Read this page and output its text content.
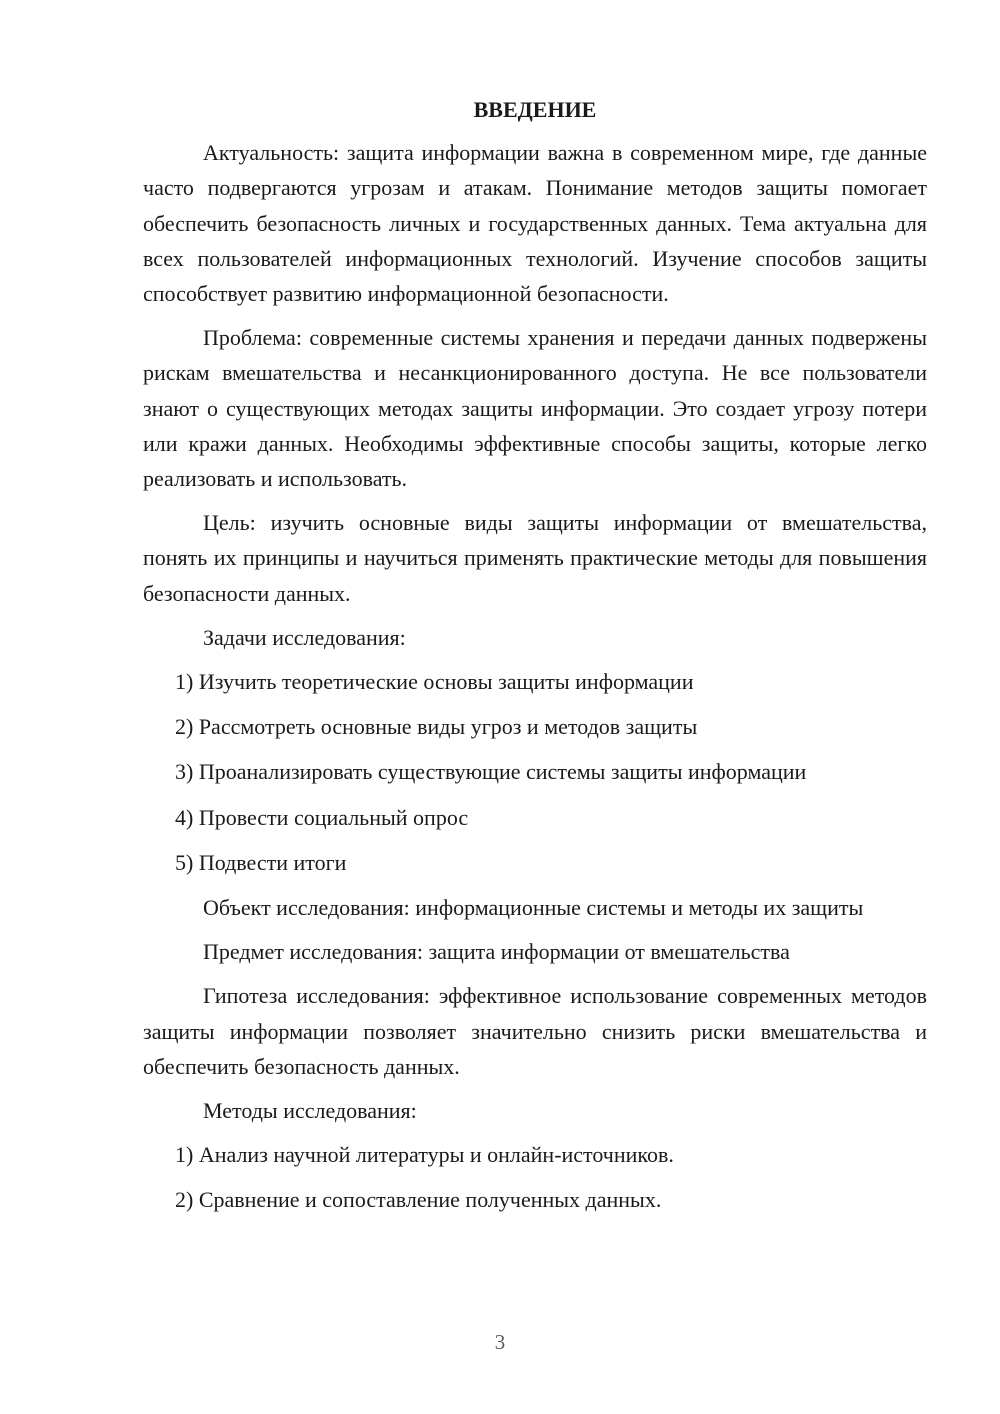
ВВЕДЕНИЕ

Актуальность: защита информации важна в современном мире, где данные часто подвергаются угрозам и атакам. Понимание методов защиты помогает обеспечить безопасность личных и государственных данных. Тема актуальна для всех пользователей информационных технологий. Изучение способов защиты способствует развитию информационной безопасности.

Проблема: современные системы хранения и передачи данных подвержены рискам вмешательства и несанкционированного доступа. Не все пользователи знают о существующих методах защиты информации. Это создает угрозу потери или кражи данных. Необходимы эффективные способы защиты, которые легко реализовать и использовать.

Цель: изучить основные виды защиты информации от вмешательства, понять их принципы и научиться применять практические методы для повышения безопасности данных.

Задачи исследования:

1) Изучить теоретические основы защиты информации
2) Рассмотреть основные виды угроз и методов защиты
3) Проанализировать существующие системы защиты информации
4) Провести социальный опрос
5) Подвести итоги

Объект исследования: информационные системы и методы их защиты

Предмет исследования: защита информации от вмешательства

Гипотеза исследования: эффективное использование современных методов защиты информации позволяет значительно снизить риски вмешательства и обеспечить безопасность данных.

Методы исследования:

1) Анализ научной литературы и онлайн-источников.
2) Сравнение и сопоставление полученных данных.
3
